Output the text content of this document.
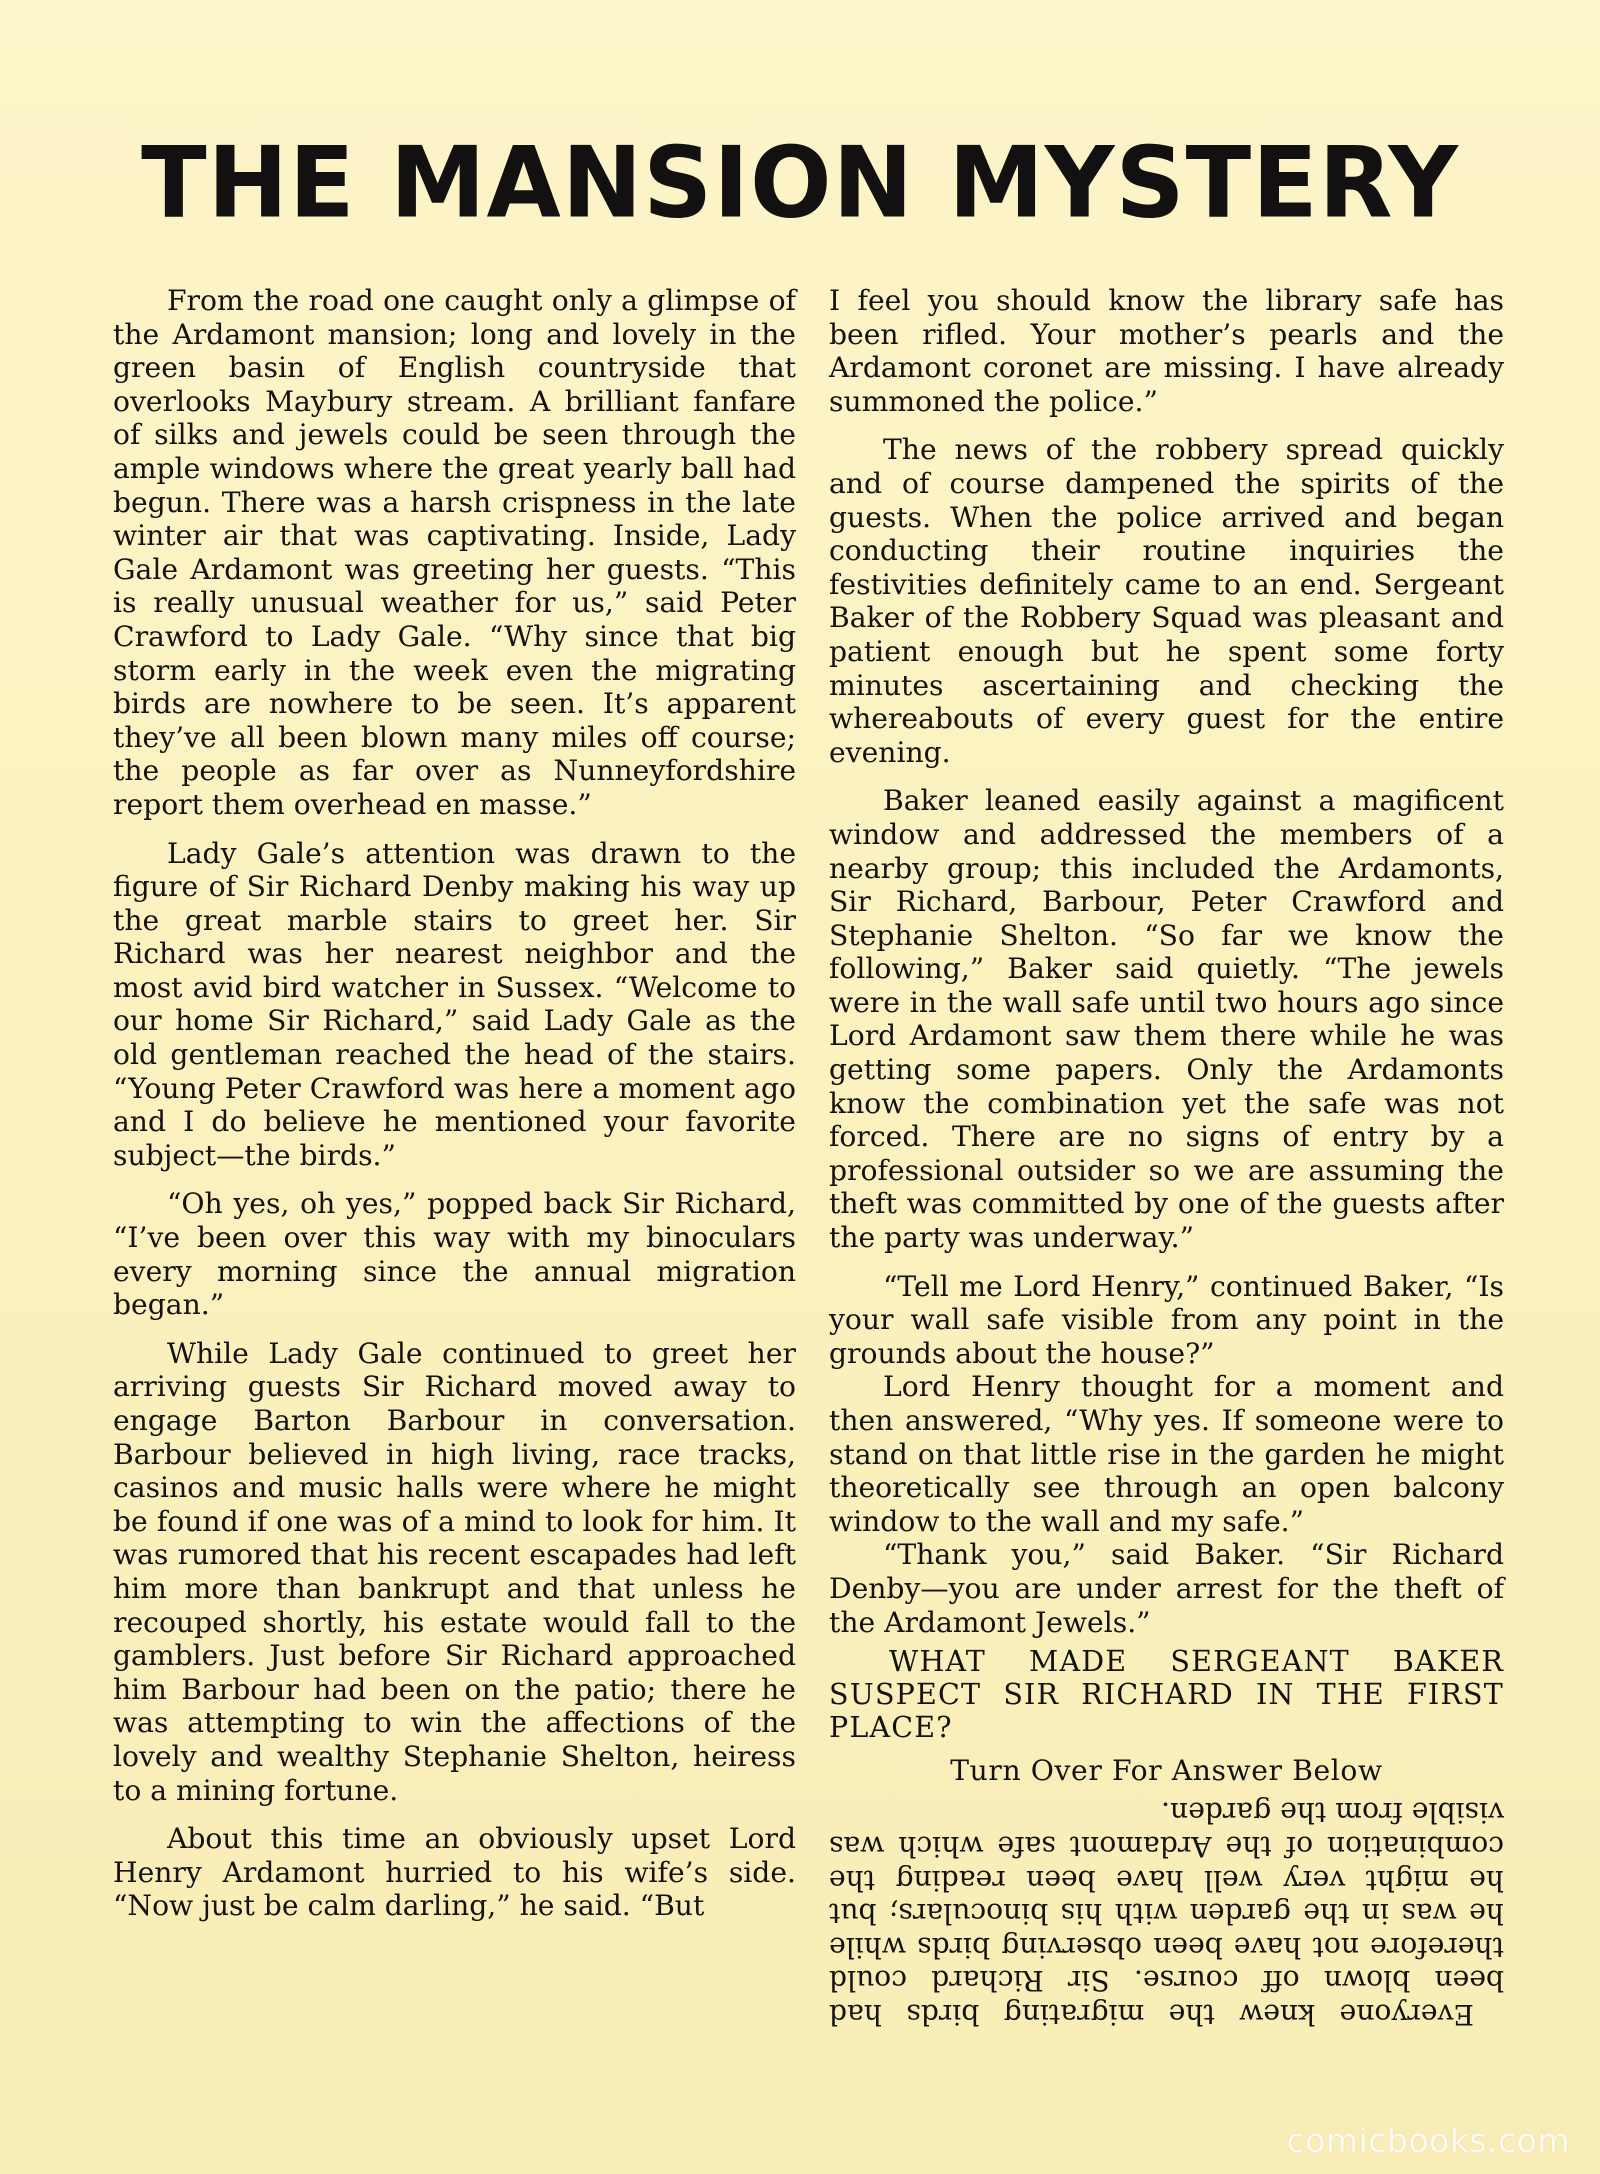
THE MANSION MYSTERY

From the road one caught only a glimpse of the Ardamont mansion; long and lovely in the green basin of English countryside that overlooks Maybury stream. A brilliant fanfare of silks and jewels could be seen through the ample windows where the great yearly ball had begun. There was a harsh crispness in the late winter air that was captivating. Inside, Lady Gale Ardamont was greeting her guests. “This is really unusual weather for us,” said Peter Crawford to Lady Gale. “Why since that big storm early in the week even the migrating birds are nowhere to be seen. It’s apparent they’ve all been blown many miles off course; the people as far over as Nunneyfordshire report them overhead en masse.”

Lady Gale’s attention was drawn to the figure of Sir Richard Denby making his way up the great marble stairs to greet her. Sir Richard was her nearest neighbor and the most avid bird watcher in Sussex. “Welcome to our home Sir Richard,” said Lady Gale as the old gentleman reached the head of the stairs. “Young Peter Crawford was here a moment ago and I do believe he mentioned your favorite subject—the birds.”

“Oh yes, oh yes,” popped back Sir Richard, “I’ve been over this way with my binoculars every morning since the annual migration began.”

While Lady Gale continued to greet her arriving guests Sir Richard moved away to engage Barton Barbour in conversation. Barbour believed in high living, race tracks, casinos and music halls were where he might be found if one was of a mind to look for him. It was rumored that his recent escapades had left him more than bankrupt and that unless he recouped shortly, his estate would fall to the gamblers. Just before Sir Richard approached him Barbour had been on the patio; there he was attempting to win the affections of the lovely and wealthy Stephanie Shelton, heiress to a mining fortune.

About this time an obviously upset Lord Henry Ardamont hurried to his wife’s side. “Now just be calm darling,” he said. “But

I feel you should know the library safe has been rifled. Your mother’s pearls and the Ardamont coronet are missing. I have already summoned the police.”

The news of the robbery spread quickly and of course dampened the spirits of the guests. When the police arrived and began conducting their routine inquiries the festivities definitely came to an end. Sergeant Baker of the Robbery Squad was pleasant and patient enough but he spent some forty minutes ascertaining and checking the whereabouts of every guest for the entire evening.

Baker leaned easily against a magificent window and addressed the members of a nearby group; this included the Ardamonts, Sir Richard, Barbour, Peter Crawford and Stephanie Shelton. “So far we know the following,” Baker said quietly. “The jewels were in the wall safe until two hours ago since Lord Ardamont saw them there while he was getting some papers. Only the Ardamonts know the combination yet the safe was not forced. There are no signs of entry by a professional outsider so we are assuming the theft was committed by one of the guests after the party was underway.”

“Tell me Lord Henry,” continued Baker, “Is your wall safe visible from any point in the grounds about the house?”

Lord Henry thought for a moment and then answered, “Why yes. If someone were to stand on that little rise in the garden he might theoretically see through an open balcony window to the wall and my safe.”

“Thank you,” said Baker. “Sir Richard Denby—you are under arrest for the theft of the Ardamont Jewels.”

WHAT MADE SERGEANT BAKER SUSPECT SIR RICHARD IN THE FIRST PLACE?
Turn Over For Answer Below
Everyone knew the migrating birds had been blown off course. Sir Richard could therefore not have been observing birds while he was in the garden with his binoculars; but he might very well have been reading the combination of the Ardamont safe which was visible from the garden.
comicbooks.com
